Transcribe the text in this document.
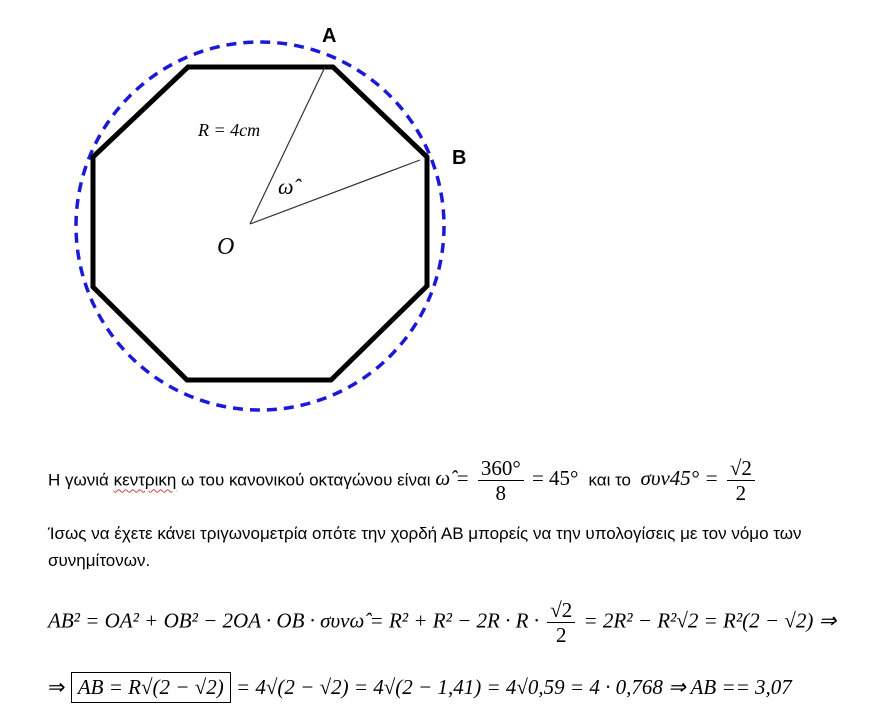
A
B
O
R = 4cm
ω̂
Η γωνιά κεντρικη ω του κανονικού οκταγώνου είναι ω̂ = $\frac{360^\circ}{8} = 45^\circ$ και το $\sigma\upsilon\nu 45^\circ = \frac{√2}{2}$
Ίσως να έχετε κάνει τριγωνομετρία οπότε την χορδή ΑΒ μπορείς να την υπολογίσεις με τον νόμο των συνημίτονων.
AB² = OA² + OB² − 2OA · OB · συνω̂ = $R^2 + R^2 - 2R \cdot R \cdot \frac{√2}{2} = 2R^2 - R^2√2 = R^2(2 - √2)$ ⇒
⇒ AB = R√(2 − √2) = 4√(2 − √2) = 4√(2 − 1,41) = 4√0,59 = 4 · 0,768 ⇒ AB == 3,07
